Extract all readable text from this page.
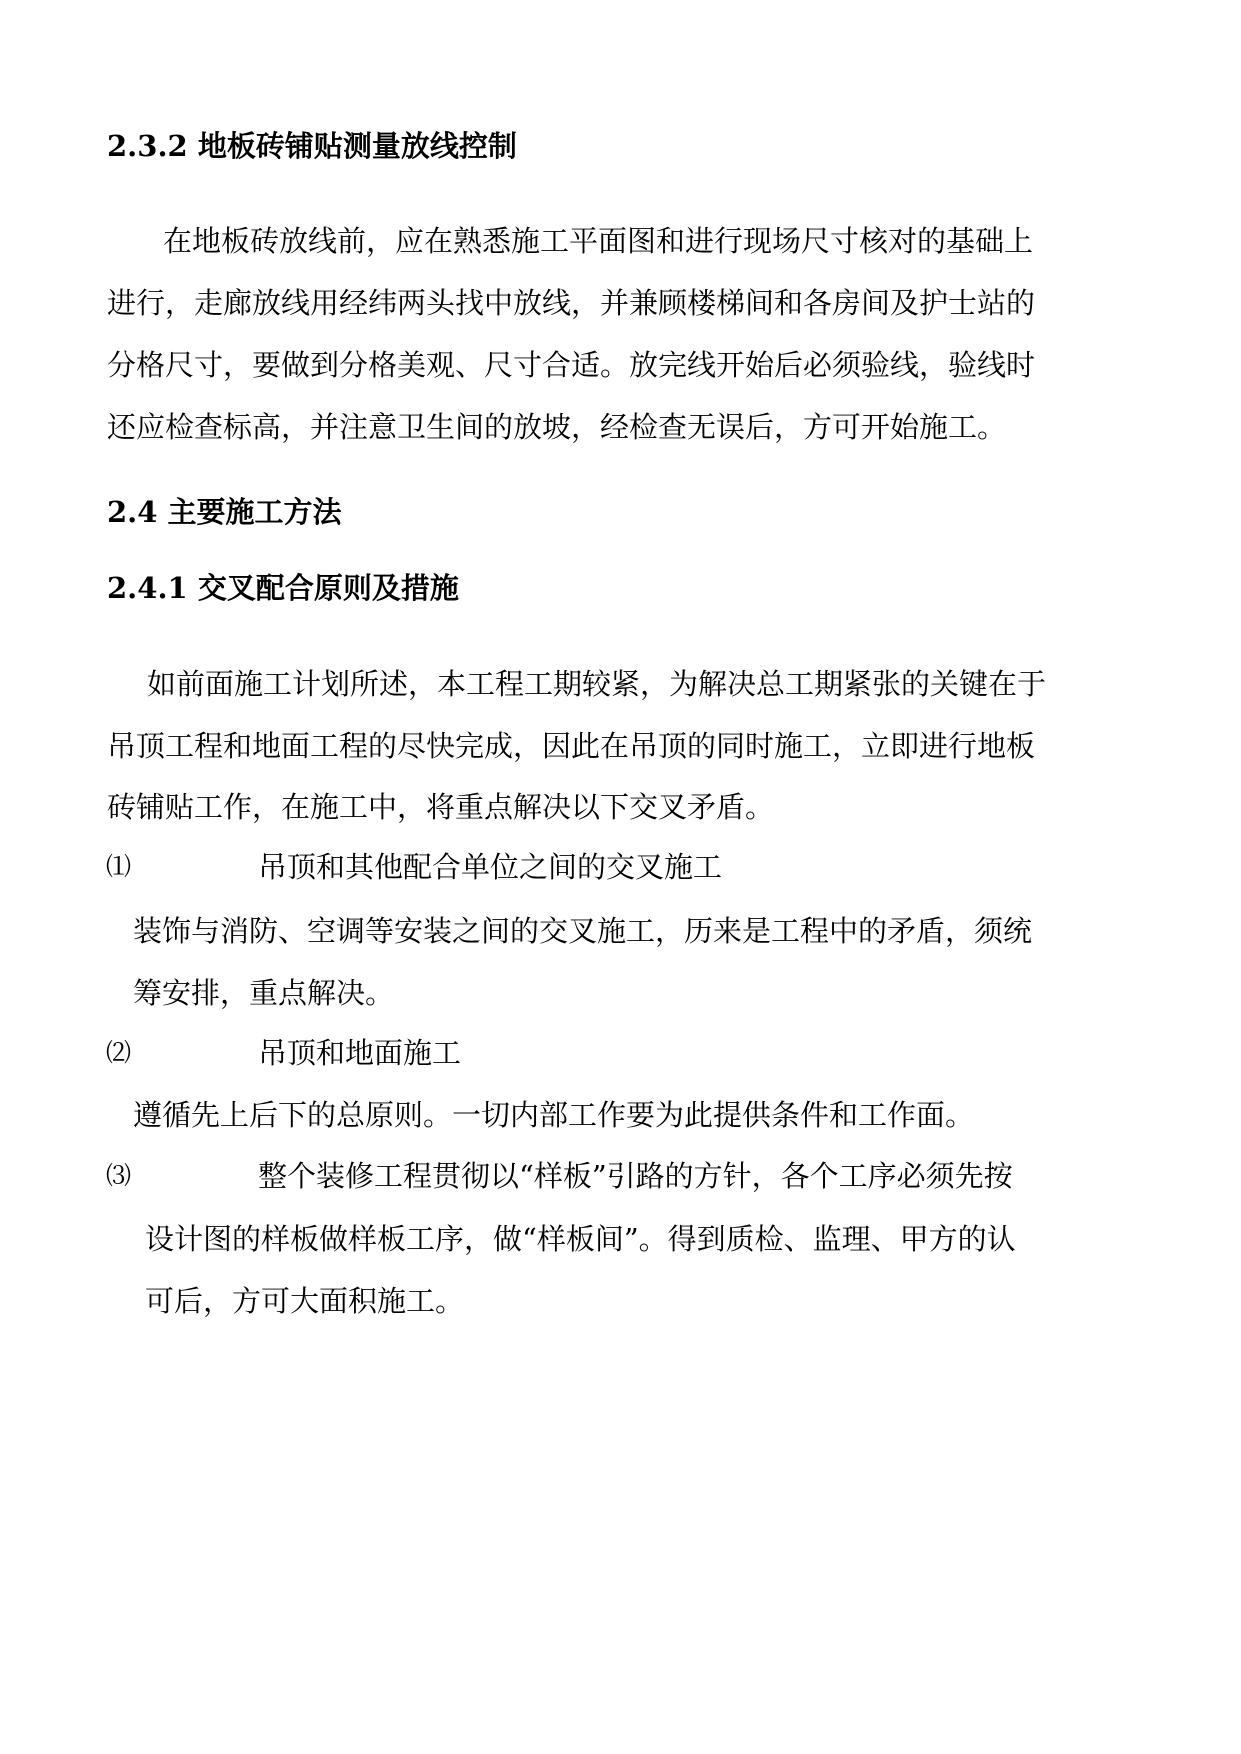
2.3.2 地板砖铺贴测量放线控制
在地板砖放线前，应在熟悉施工平面图和进行现场尺寸核对的基础上
进行，走廊放线用经纬两头找中放线，并兼顾楼梯间和各房间及护士站的
分格尺寸，要做到分格美观、尺寸合适。放完线开始后必须验线，验线时
还应检查标高，并注意卫生间的放坡，经检查无误后，方可开始施工。
2.4 主要施工方法
2.4.1 交叉配合原则及措施
如前面施工计划所述，本工程工期较紧，为解决总工期紧张的关键在于
吊顶工程和地面工程的尽快完成，因此在吊顶的同时施工，立即进行地板
砖铺贴工作，在施工中，将重点解决以下交叉矛盾。
⑴	吊顶和其他配合单位之间的交叉施工
装饰与消防、空调等安装之间的交叉施工，历来是工程中的矛盾，须统
筹安排，重点解决。
⑵	吊顶和地面施工
遵循先上后下的总原则。一切内部工作要为此提供条件和工作面。
⑶	整个装修工程贯彻以“样板”引路的方针，各个工序必须先按
设计图的样板做样板工序，做“样板间”。得到质检、监理、甲方的认
可后，方可大面积施工。
